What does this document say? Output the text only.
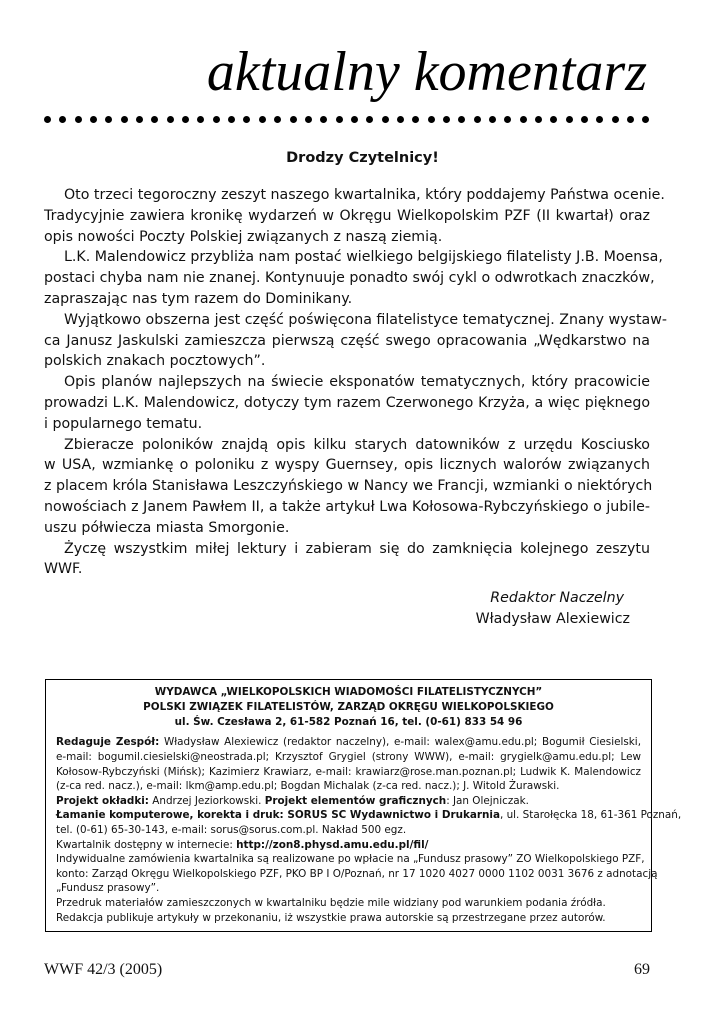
aktualny komentarz
Drodzy Czytelnicy!
Oto trzeci tegoroczny zeszyt naszego kwartalnika, który poddajemy Państwa ocenie.
Tradycyjnie zawiera kronikę wydarzeń w Okręgu Wielkopolskim PZF (II kwartał) oraz
opis nowości Poczty Polskiej związanych z naszą ziemią.
L.K. Malendowicz przybliża nam postać wielkiego belgijskiego filatelisty J.B. Moensa,
postaci chyba nam nie znanej. Kontynuuje ponadto swój cykl o odwrotkach znaczków,
zapraszając nas tym razem do Dominikany.
Wyjątkowo obszerna jest część poświęcona filatelistyce tematycznej. Znany wystaw-
ca Janusz Jaskulski zamieszcza pierwszą część swego opracowania „Wędkarstwo na
polskich znakach pocztowych”.
Opis planów najlepszych na świecie eksponatów tematycznych, który pracowicie
prowadzi L.K. Malendowicz, dotyczy tym razem Czerwonego Krzyża, a więc pięknego
i popularnego tematu.
Zbieracze poloników znajdą opis kilku starych datowników z urzędu Kosciusko
w USA, wzmiankę o poloniku z wyspy Guernsey, opis licznych walorów związanych
z placem króla Stanisława Leszczyńskiego w Nancy we Francji, wzmianki o niektórych
nowościach z Janem Pawłem II, a także artykuł Lwa Kołosowa-Rybczyńskiego o jubile-
uszu półwiecza miasta Smorgonie.
Życzę wszystkim miłej lektury i zabieram się do zamknięcia kolejnego zeszytu
WWF.
Redaktor Naczelny
Władysław Alexiewicz
WYDAWCA „WIELKOPOLSKICH WIADOMOŚCI FILATELISTYCZNYCH”
POLSKI ZWIĄZEK FILATELISTÓW, ZARZĄD OKRĘGU WIELKOPOLSKIEGO
ul. Św. Czesława 2, 61-582 Poznań 16, tel. (0-61) 833 54 96
Redaguje Zespół: Władysław Alexiewicz (redaktor naczelny), e-mail: walex@amu.edu.pl; Bogumił Ciesielski,
e-mail: bogumil.ciesielski@neostrada.pl; Krzysztof Grygiel (strony WWW), e-mail: grygielk@amu.edu.pl; Lew
Kołosow-Rybczyński (Mińsk); Kazimierz Krawiarz, e-mail: krawiarz@rose.man.poznan.pl; Ludwik K. Malendowicz
(z-ca red. nacz.), e-mail: lkm@amp.edu.pl; Bogdan Michalak (z-ca red. nacz.); J. Witold Żurawski.
Projekt okładki: Andrzej Jeziorkowski. Projekt elementów graficznych: Jan Olejniczak.
Łamanie komputerowe, korekta i druk: SORUS SC Wydawnictwo i Drukarnia, ul. Starołęcka 18, 61-361 Poznań,
tel. (0-61) 65-30-143, e-mail: sorus@sorus.com.pl. Nakład 500 egz.
Kwartalnik dostępny w internecie: http://zon8.physd.amu.edu.pl/fil/
Indywidualne zamówienia kwartalnika są realizowane po wpłacie na „Fundusz prasowy” ZO Wielkopolskiego PZF,
konto: Zarząd Okręgu Wielkopolskiego PZF, PKO BP I O/Poznań, nr 17 1020 4027 0000 1102 0031 3676 z adnotacją
„Fundusz prasowy”.
Przedruk materiałów zamieszczonych w kwartalniku będzie mile widziany pod warunkiem podania źródła.
Redakcja publikuje artykuły w przekonaniu, iż wszystkie prawa autorskie są przestrzegane przez autorów.
WWF 42/3 (2005)	69
